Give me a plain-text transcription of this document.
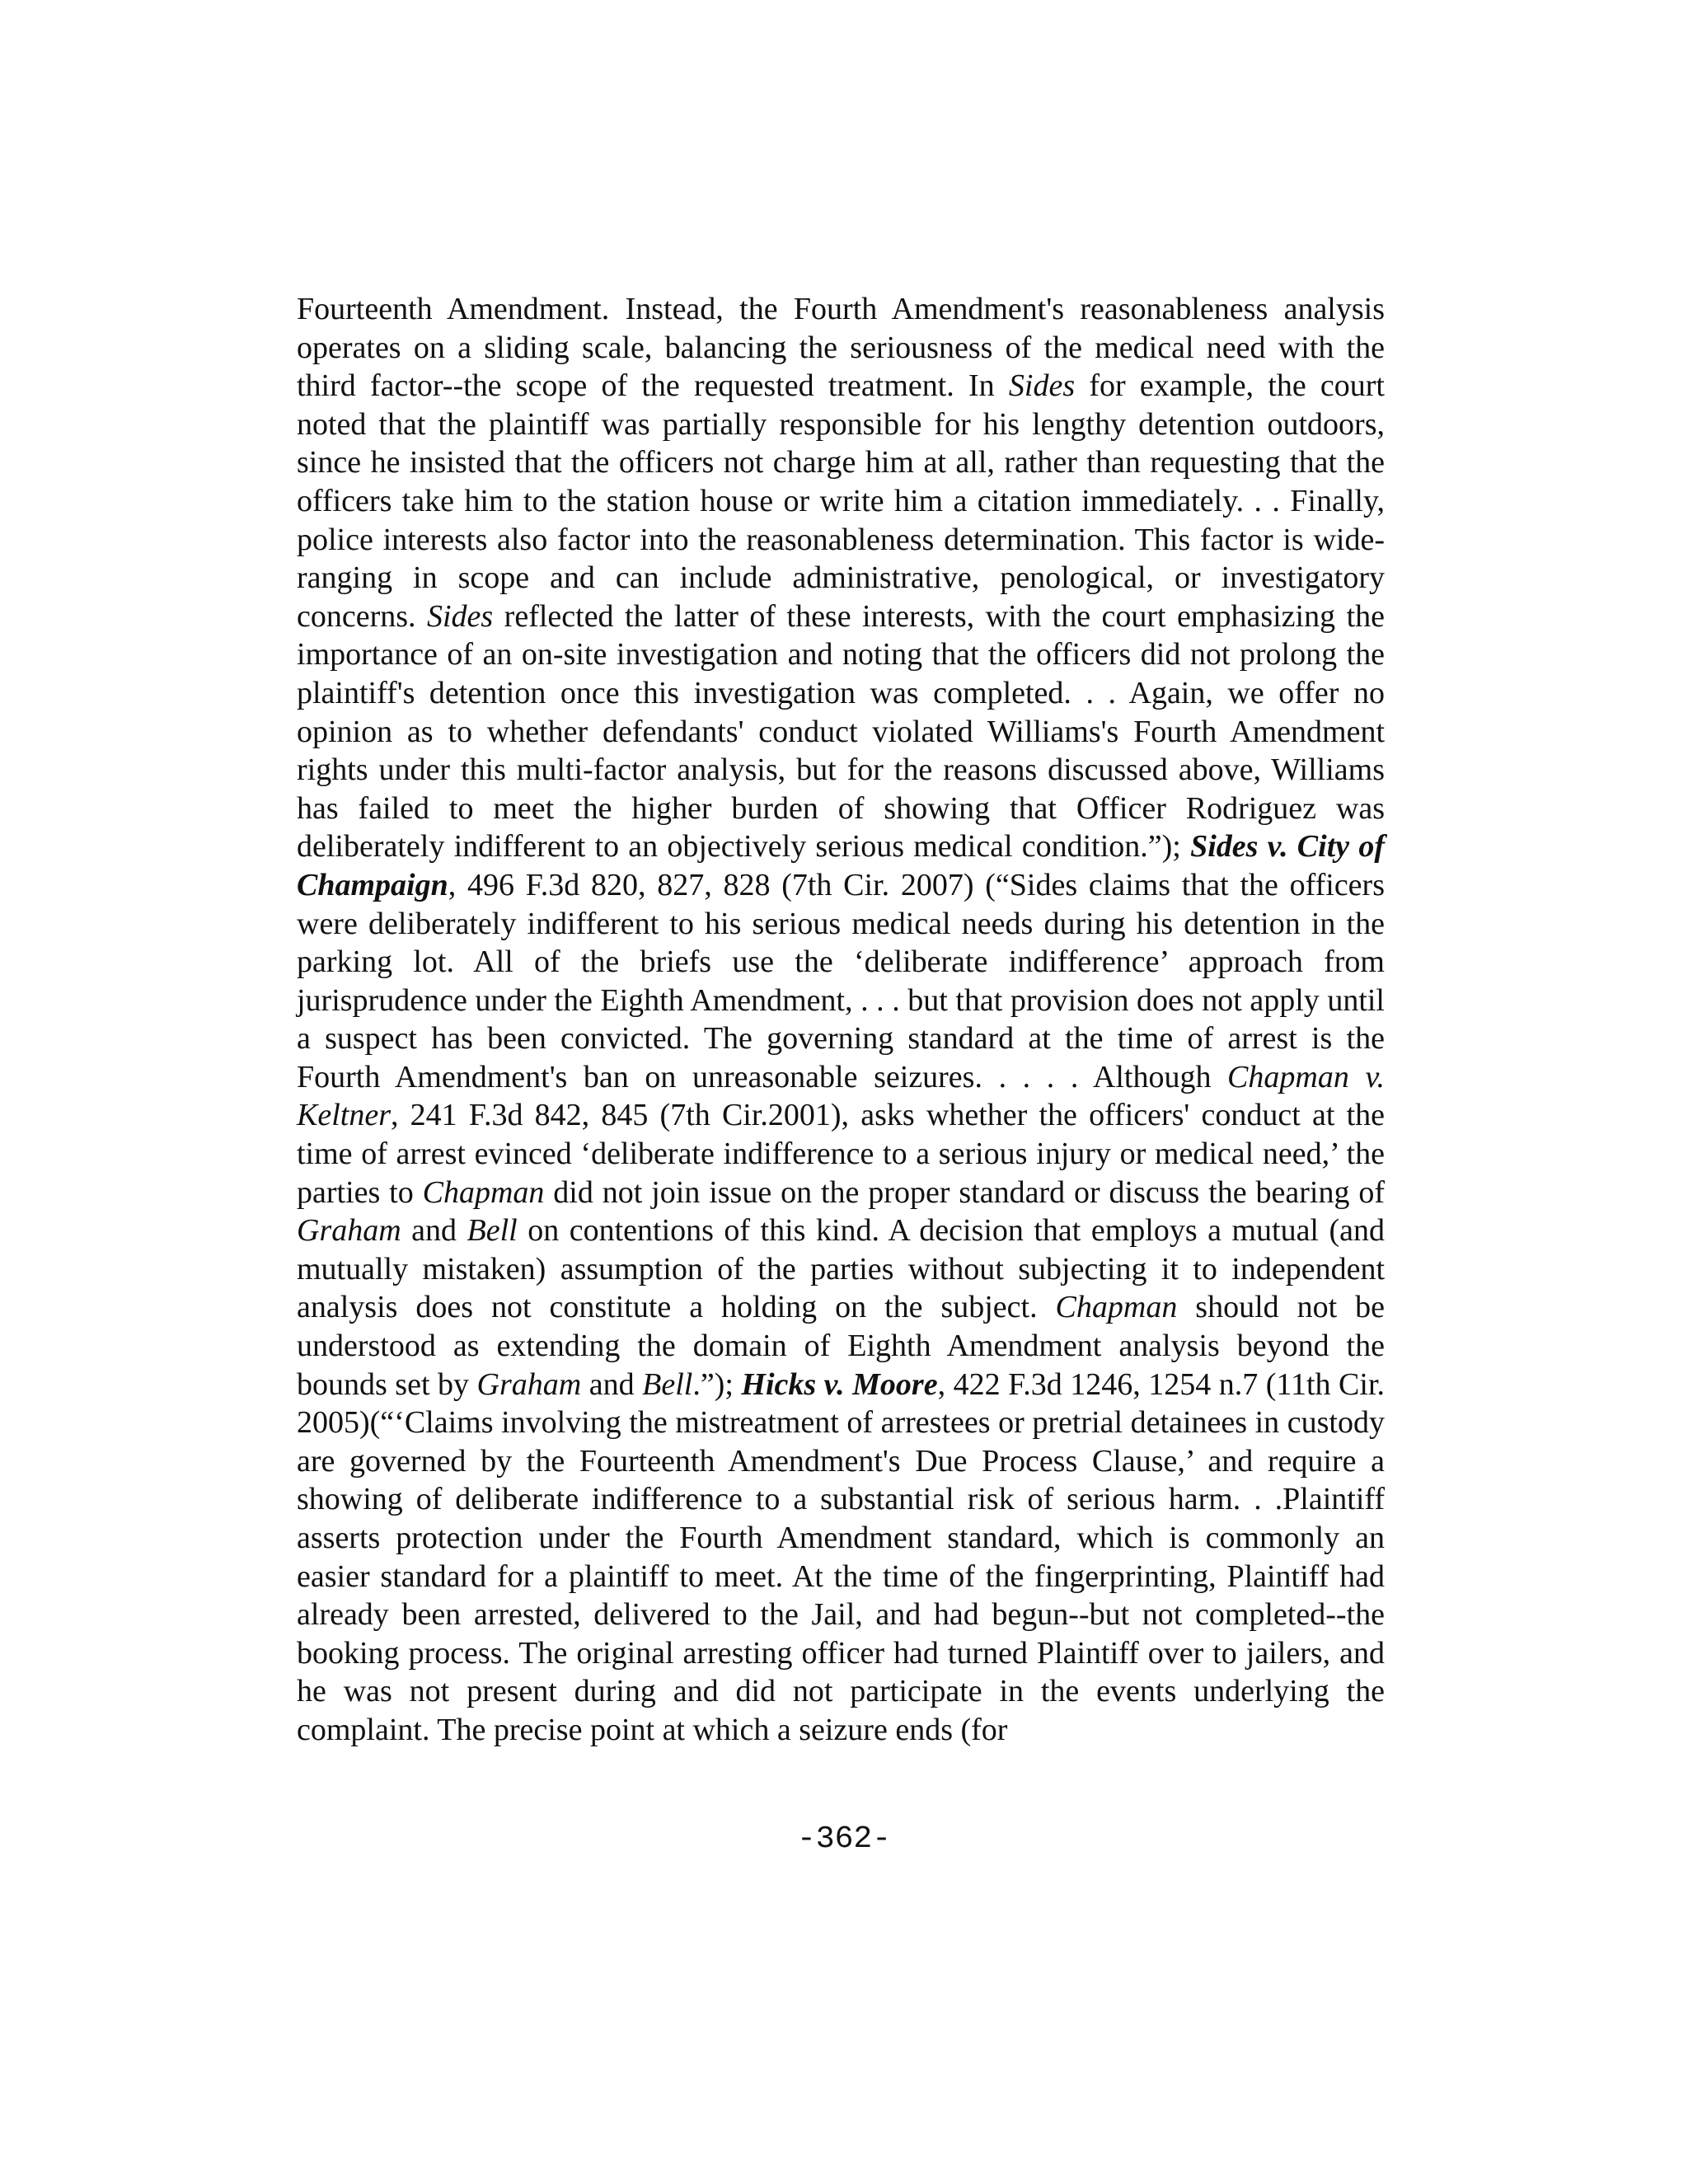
Fourteenth Amendment. Instead, the Fourth Amendment's reasonableness analysis operates on a sliding scale, balancing the seriousness of the medical need with the third factor--the scope of the requested treatment. In Sides for example, the court noted that the plaintiff was partially responsible for his lengthy detention outdoors, since he insisted that the officers not charge him at all, rather than requesting that the officers take him to the station house or write him a citation immediately. . . Finally, police interests also factor into the reasonableness determination. This factor is wide-ranging in scope and can include administrative, penological, or investigatory concerns. Sides reflected the latter of these interests, with the court emphasizing the importance of an on-site investigation and noting that the officers did not prolong the plaintiff's detention once this investigation was completed. . . Again, we offer no opinion as to whether defendants' conduct violated Williams's Fourth Amendment rights under this multi-factor analysis, but for the reasons discussed above, Williams has failed to meet the higher burden of showing that Officer Rodriguez was deliberately indifferent to an objectively serious medical condition.”); Sides v. City of Champaign, 496 F.3d 820, 827, 828 (7th Cir. 2007) (“Sides claims that the officers were deliberately indifferent to his serious medical needs during his detention in the parking lot. All of the briefs use the ‘deliberate indifference’ approach from jurisprudence under the Eighth Amendment, . . . but that provision does not apply until a suspect has been convicted. The governing standard at the time of arrest is the Fourth Amendment's ban on unreasonable seizures. . . . . Although Chapman v. Keltner, 241 F.3d 842, 845 (7th Cir.2001), asks whether the officers' conduct at the time of arrest evinced ‘deliberate indifference to a serious injury or medical need,’ the parties to Chapman did not join issue on the proper standard or discuss the bearing of Graham and Bell on contentions of this kind. A decision that employs a mutual (and mutually mistaken) assumption of the parties without subjecting it to independent analysis does not constitute a holding on the subject. Chapman should not be understood as extending the domain of Eighth Amendment analysis beyond the bounds set by Graham and Bell.”); Hicks v. Moore, 422 F.3d 1246, 1254 n.7 (11th Cir. 2005)(“‘Claims involving the mistreatment of arrestees or pretrial detainees in custody are governed by the Fourteenth Amendment's Due Process Clause,’ and require a showing of deliberate indifference to a substantial risk of serious harm. . .Plaintiff asserts protection under the Fourth Amendment standard, which is commonly an easier standard for a plaintiff to meet. At the time of the fingerprinting, Plaintiff had already been arrested, delivered to the Jail, and had begun--but not completed--the booking process. The original arresting officer had turned Plaintiff over to jailers, and he was not present during and did not participate in the events underlying the complaint. The precise point at which a seizure ends (for

-362-
